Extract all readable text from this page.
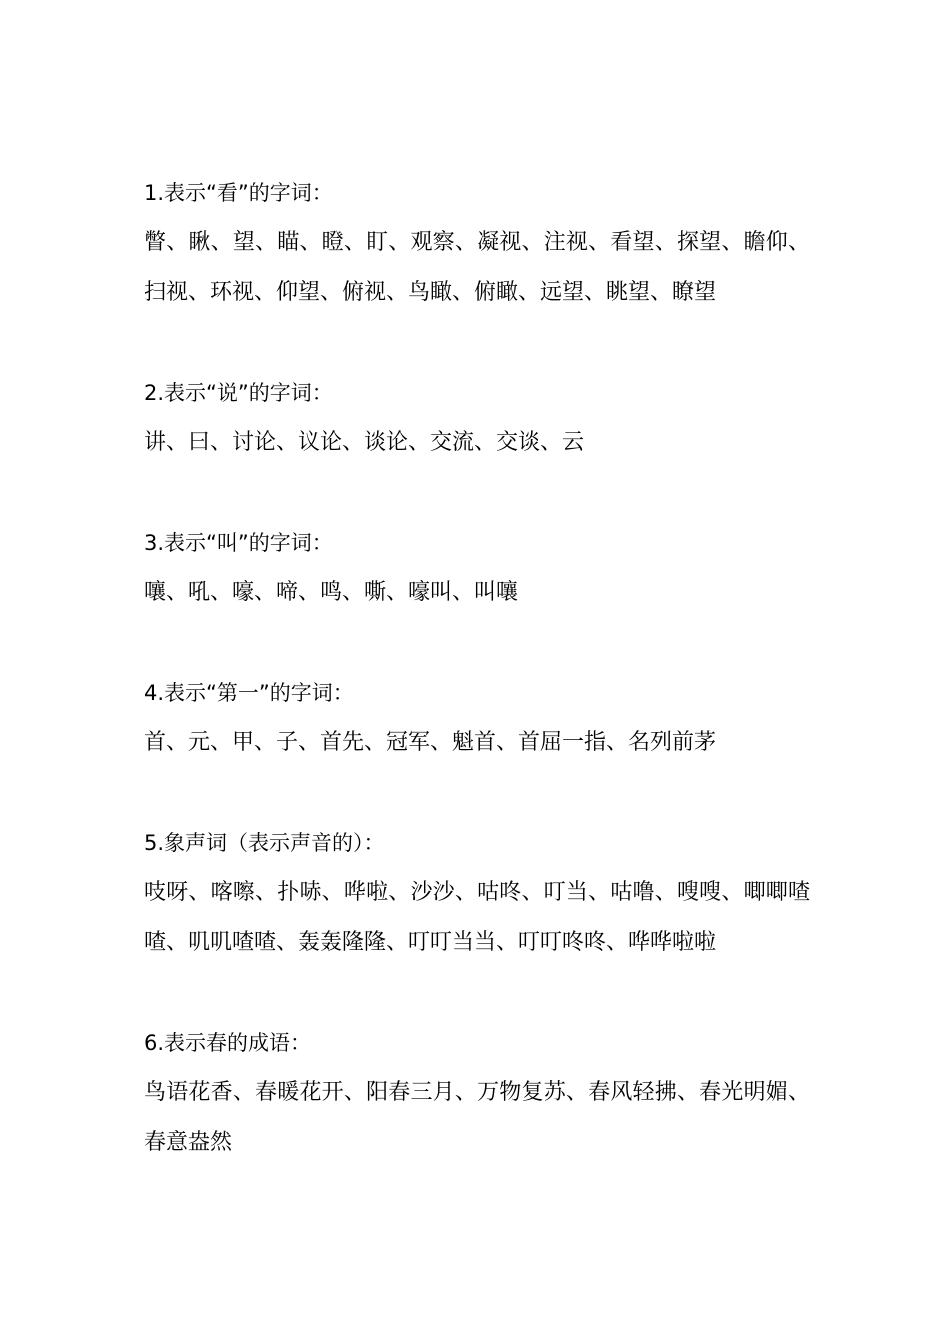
1.表示“看”的字词：

瞥、瞅、望、瞄、瞪、盯、观察、凝视、注视、看望、探望、瞻仰、扫视、环视、仰望、俯视、鸟瞰、俯瞰、远望、眺望、瞭望

2.表示“说”的字词：

讲、曰、讨论、议论、谈论、交流、交谈、云

3.表示“叫”的字词：

嚷、吼、嚎、啼、鸣、嘶、嚎叫、叫嚷

4.表示“第一”的字词：

首、元、甲、子、首先、冠军、魁首、首屈一指、名列前茅

5.象声词（表示声音的）：

吱呀、喀嚓、扑哧、哗啦、沙沙、咕咚、叮当、咕噜、嗖嗖、唧唧喳喳、叽叽喳喳、轰轰隆隆、叮叮当当、叮叮咚咚、哗哗啦啦

6.表示春的成语：

鸟语花香、春暖花开、阳春三月、万物复苏、春风轻拂、春光明媚、春意盎然
